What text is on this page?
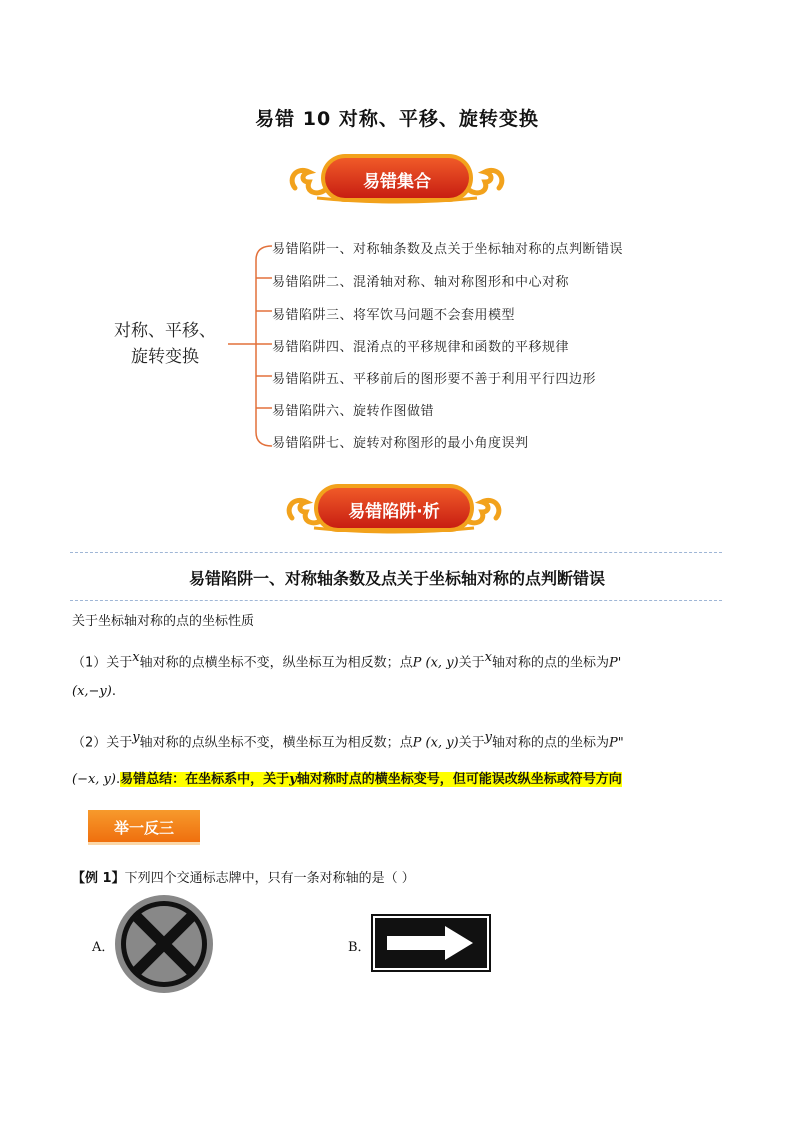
易错 10 对称、平移、旋转变换
易错集合
对称、平移、
旋转变换
易错陷阱一、对称轴条数及点关于坐标轴对称的点判断错误
易错陷阱二、混淆轴对称、轴对称图形和中心对称
易错陷阱三、将军饮马问题不会套用模型
易错陷阱四、混淆点的平移规律和函数的平移规律
易错陷阱五、平移前后的图形要不善于利用平行四边形
易错陷阱六、旋转作图做错
易错陷阱七、旋转对称图形的最小角度误判
易错陷阱·析
易错陷阱一、对称轴条数及点关于坐标轴对称的点判断错误
关于坐标轴对称的点的坐标性质
（1）关于$^x$轴对称的点横坐标不变，纵坐标互为相反数；点P (x, y)关于$^x$轴对称的点的坐标为P'
(x,−y).
（2）关于$^y$轴对称的点纵坐标不变，横坐标互为相反数；点P (x, y)关于$^y$轴对称的点的坐标为P"
(−x, y).易错总结：在坐标系中，关于y轴对称时点的横坐标变号，但可能误改纵坐标或符号方向
举一反三
【例 1】下列四个交通标志牌中，只有一条对称轴的是（ ）
A．	B．
